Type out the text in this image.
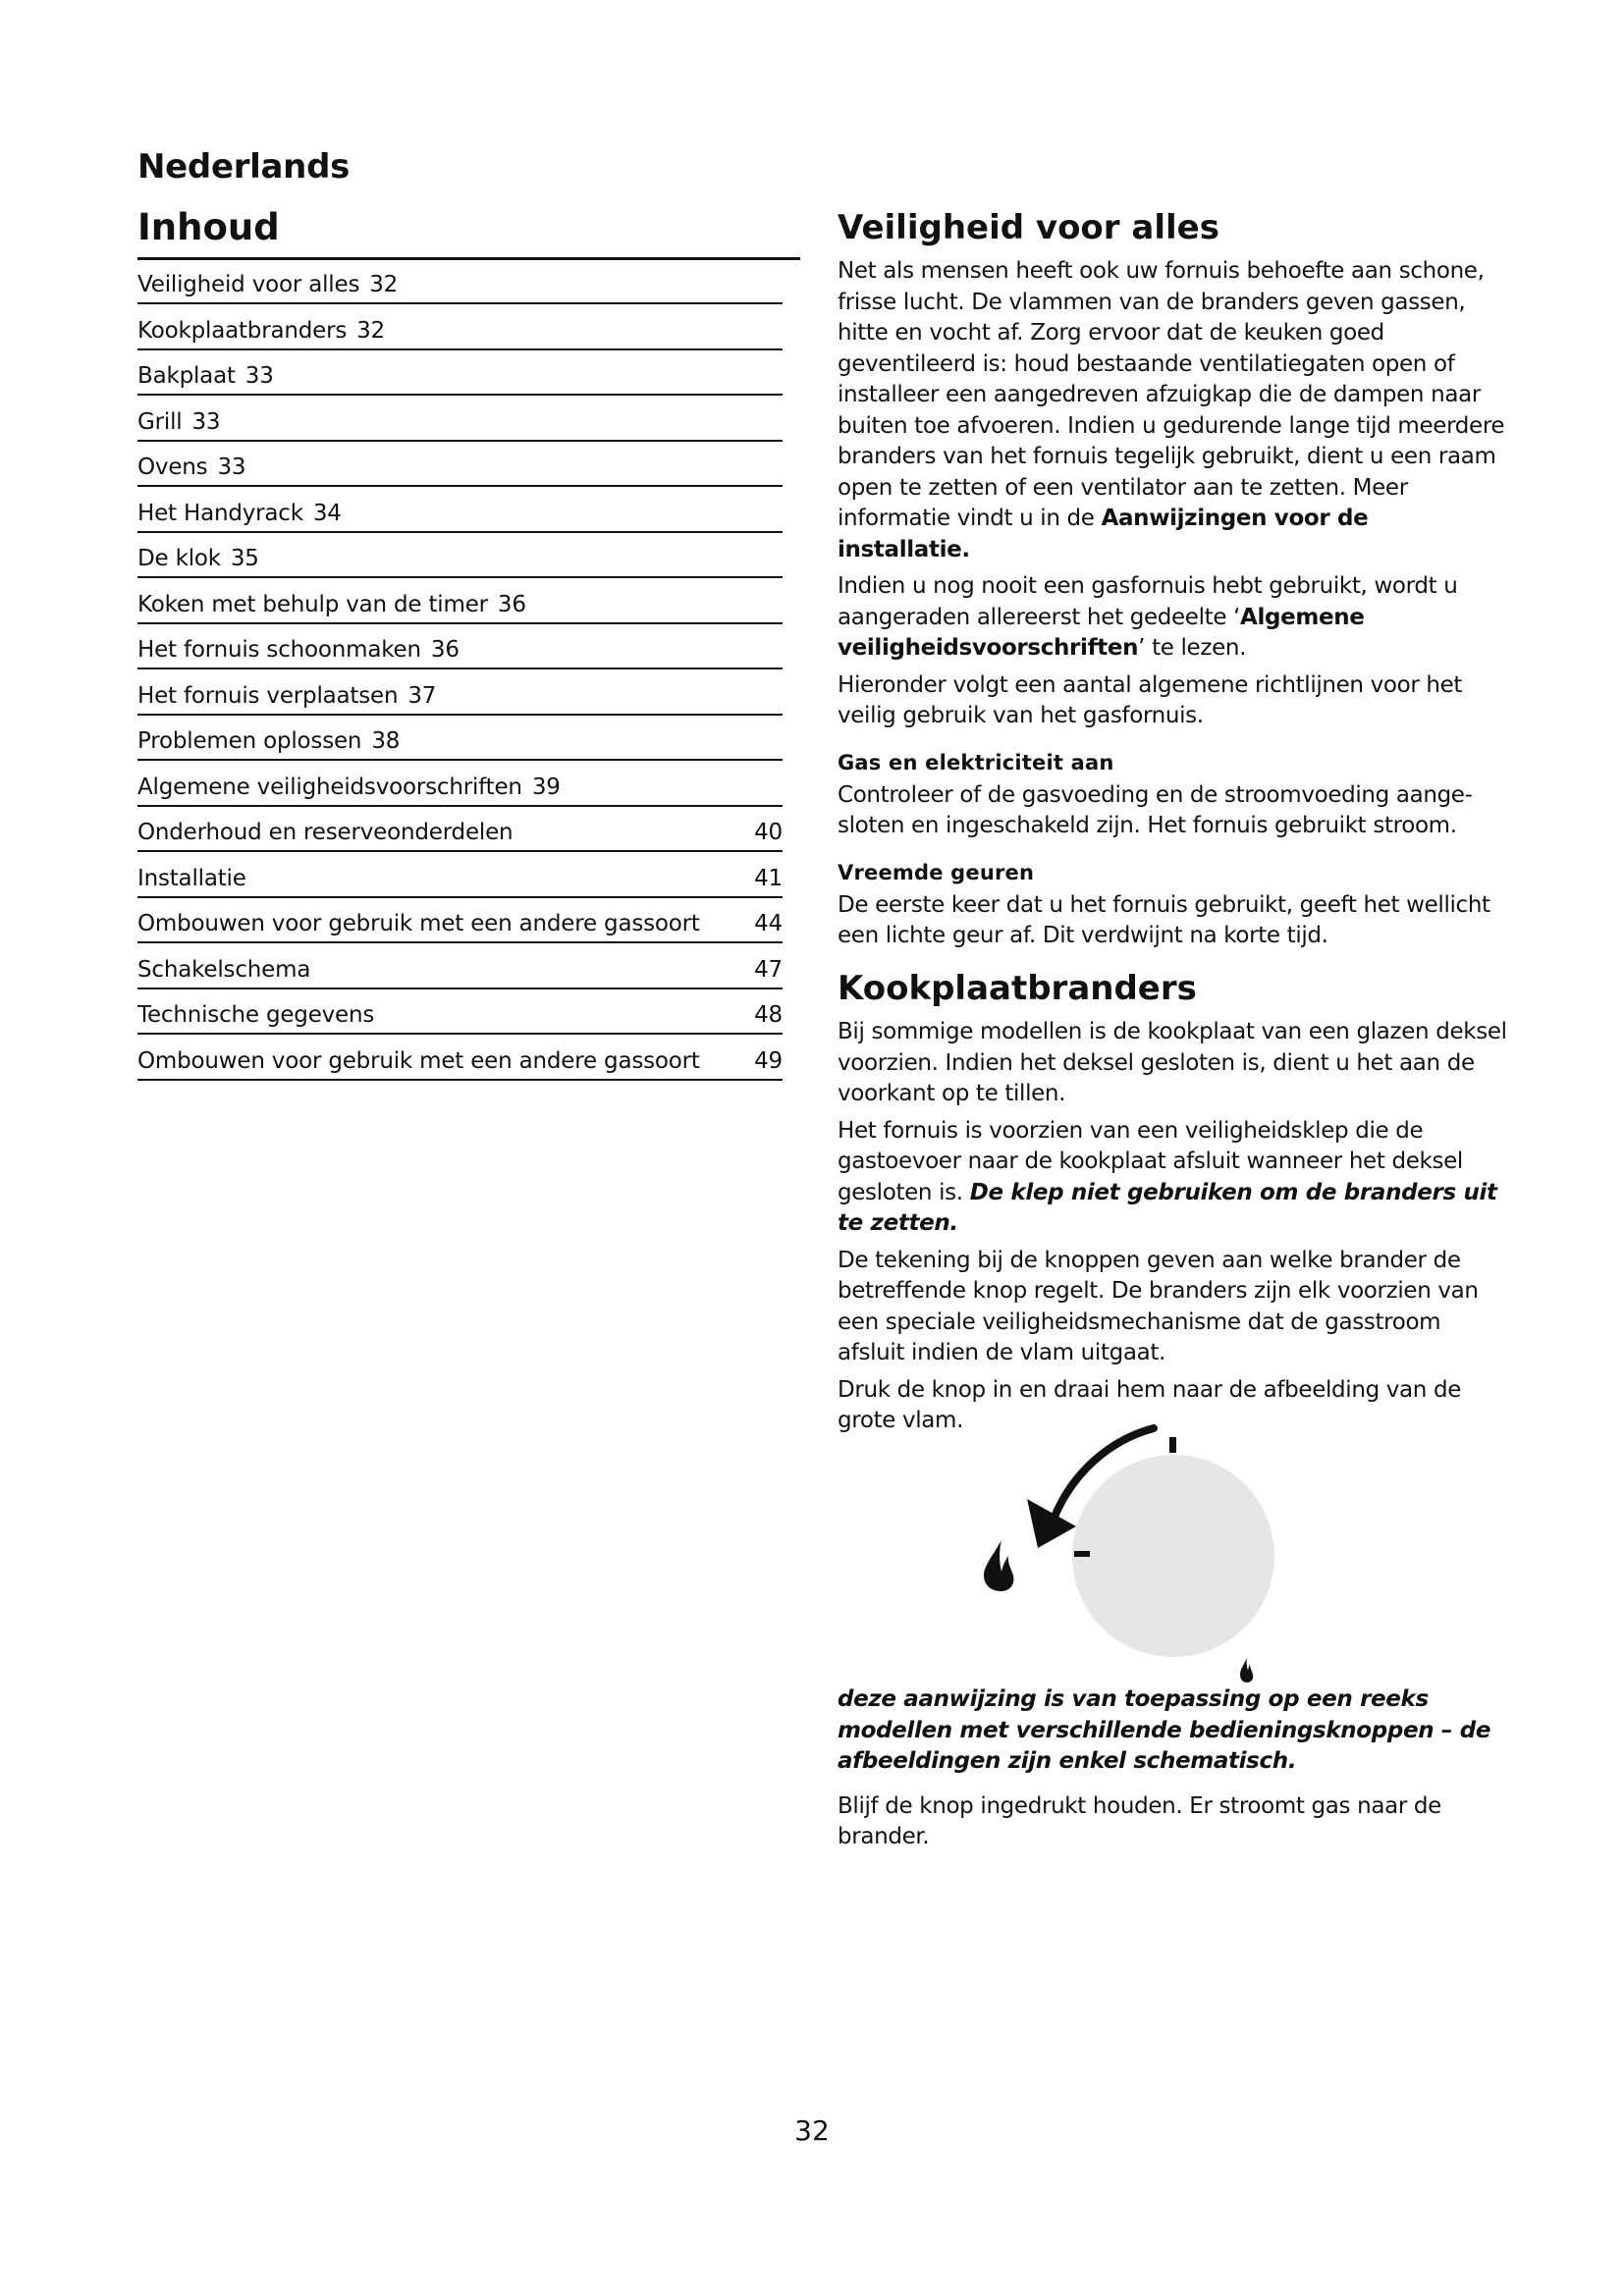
Nederlands
Inhoud
Veiligheid voor alles 32
Kookplaatbranders 32
Bakplaat 33
Grill 33
Ovens 33
Het Handyrack 34
De klok 35
Koken met behulp van de timer 36
Het fornuis schoonmaken 36
Het fornuis verplaatsen 37
Problemen oplossen 38
Algemene veiligheidsvoorschriften 39
Onderhoud en reserveonderdelen	40
Installatie	41
Ombouwen voor gebruik met een andere gassoort 44
Schakelschema	47
Technische gegevens	48
Ombouwen voor gebruik met een andere gassoort 49
Veiligheid voor alles

Net als mensen heeft ook uw fornuis behoefte aan schone, frisse lucht. De vlammen van de branders geven gassen, hitte en vocht af. Zorg ervoor dat de keuken goed geventileerd is: houd bestaande ventilatiegaten open of installeer een aangedreven afzuigkap die de dampen naar buiten toe afvoeren. Indien u gedurende lange tijd meerdere branders van het fornuis tegelijk gebruikt, dient u een raam open te zetten of een ventilator aan te zetten. Meer informatie vindt u in de Aanwijzingen voor de installatie.

Indien u nog nooit een gasfornuis hebt gebruikt, wordt u aangeraden allereerst het gedeelte ‘Algemene veiligheidsvoorschriften’ te lezen.

Hieronder volgt een aantal algemene richtlijnen voor het veilig gebruik van het gasfornuis.

Gas en elektriciteit aan

Controleer of de gasvoeding en de stroomvoeding aangesloten en ingeschakeld zijn. Het fornuis gebruikt stroom.

Vreemde geuren

De eerste keer dat u het fornuis gebruikt, geeft het wellicht een lichte geur af. Dit verdwijnt na korte tijd.

Kookplaatbranders

Bij sommige modellen is de kookplaat van een glazen deksel voorzien. Indien het deksel gesloten is, dient u het aan de voorkant op te tillen.

Het fornuis is voorzien van een veiligheidsklep die de gastoevoer naar de kookplaat afsluit wanneer het deksel gesloten is. De klep niet gebruiken om de branders uit te zetten.

De tekening bij de knoppen geven aan welke brander de betreffende knop regelt. De branders zijn elk voorzien van een speciale veiligheidsmechanisme dat de gasstroom afsluit indien de vlam uitgaat.

Druk de knop in en draai hem naar de afbeelding van de grote vlam.

deze aanwijzing is van toepassing op een reeks modellen met verschillende bedieningsknoppen – de afbeeldingen zijn enkel schematisch.

Blijf de knop ingedrukt houden. Er stroomt gas naar de brander.

32
